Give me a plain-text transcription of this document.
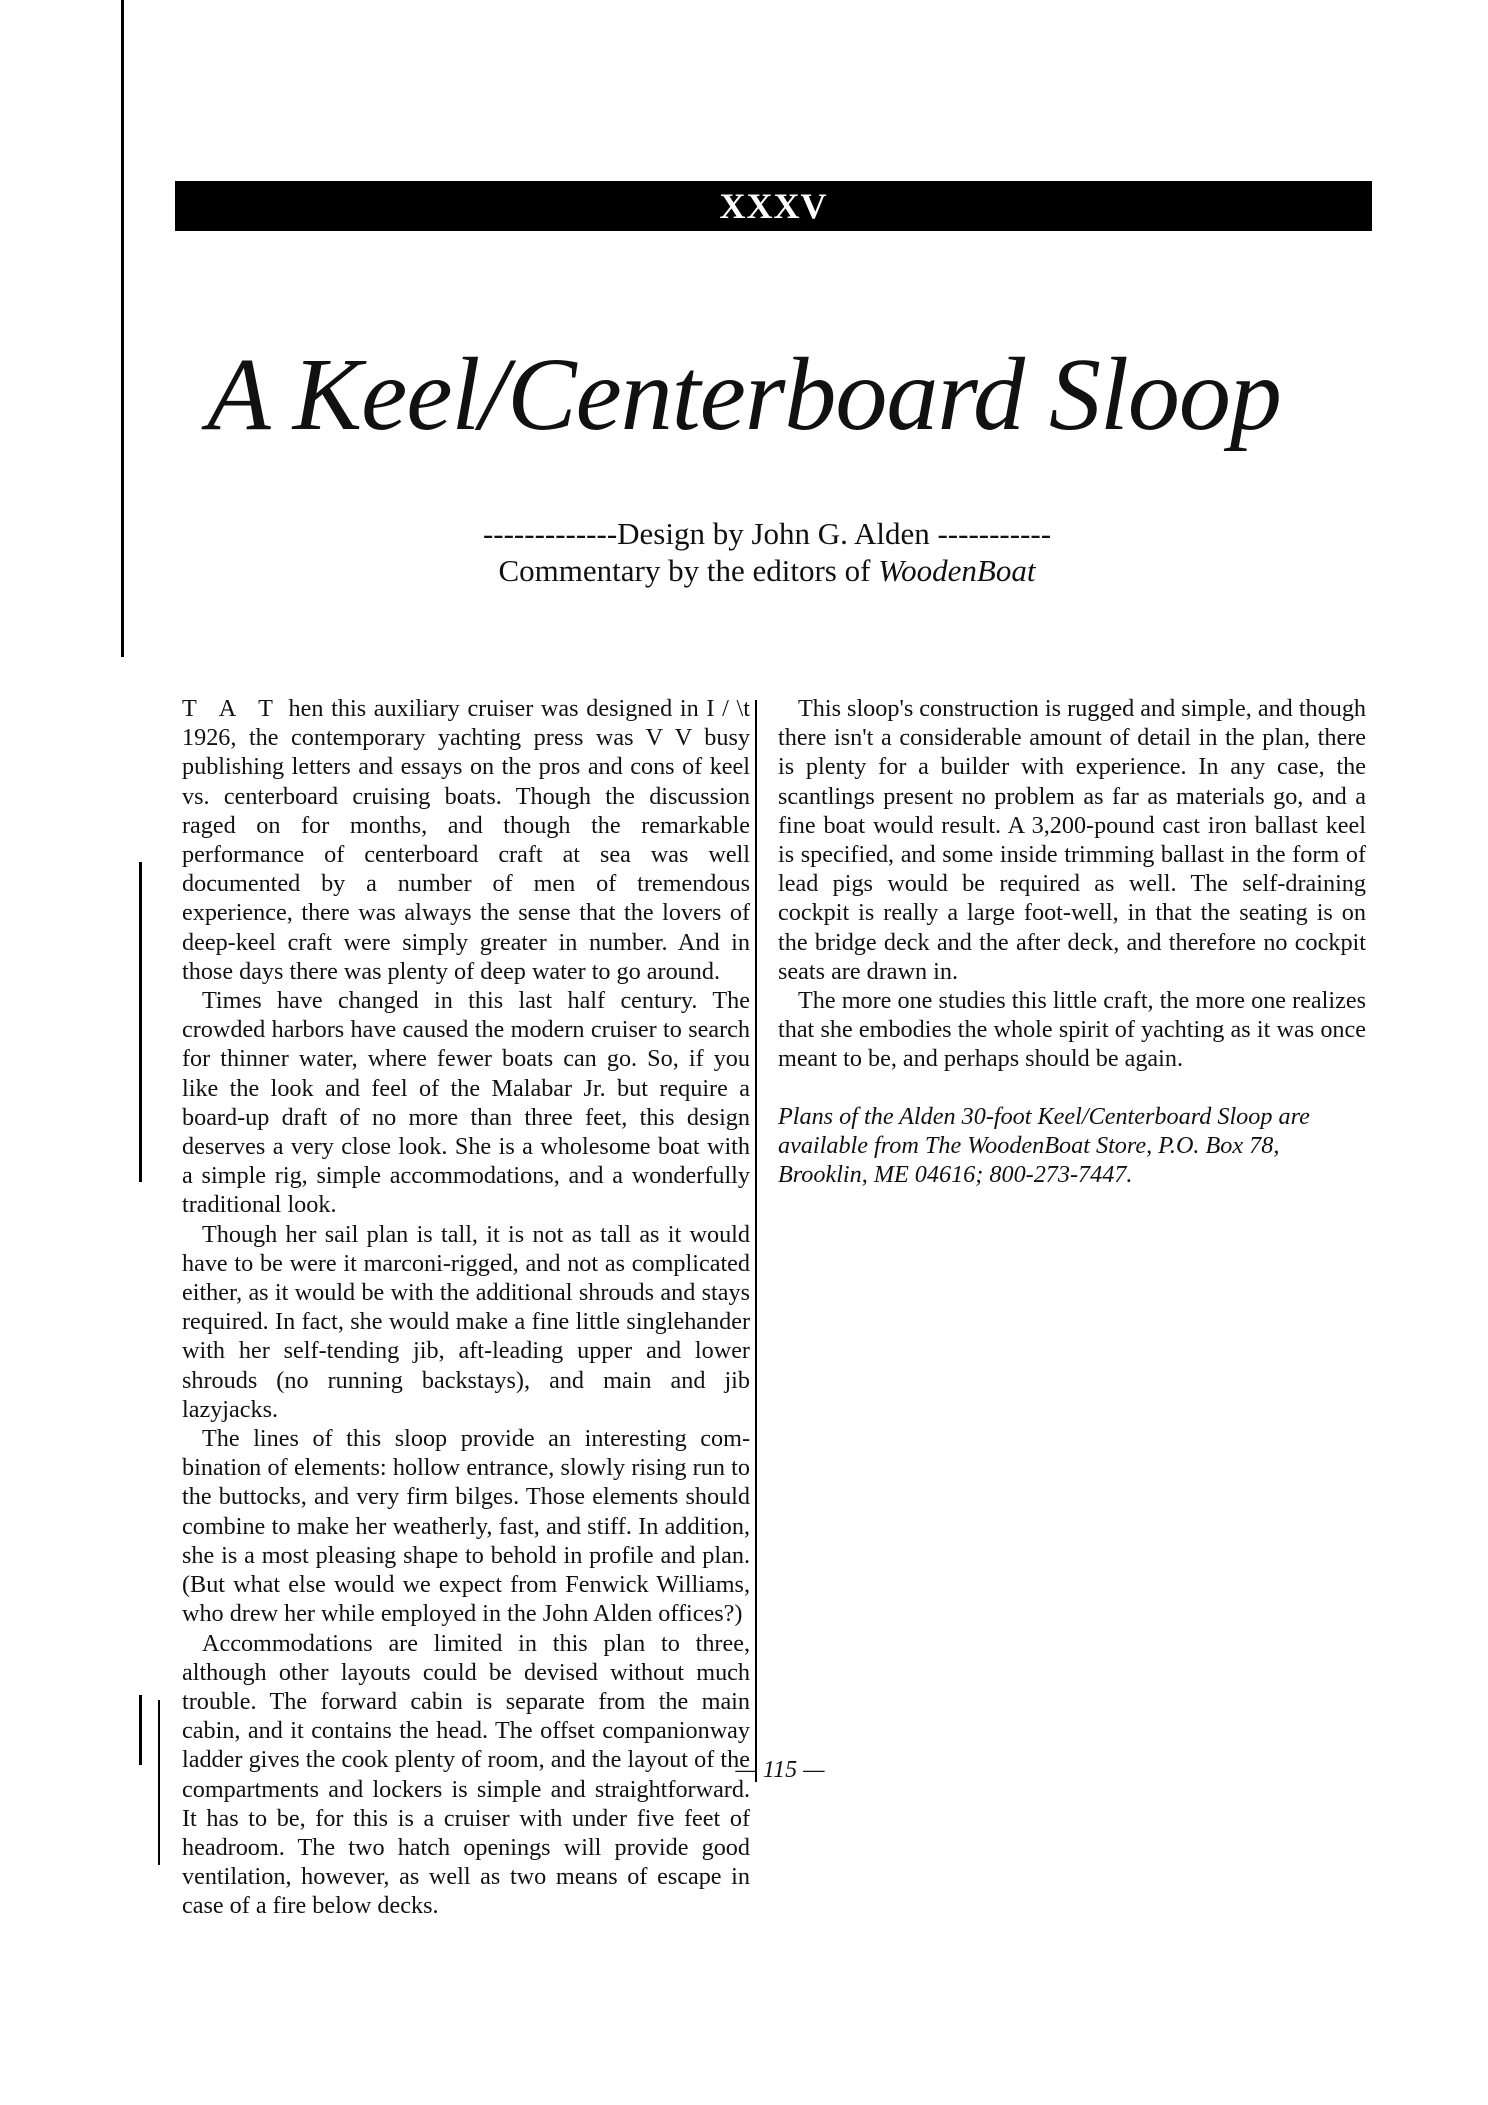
XXXV
A Keel/Centerboard Sloop
-------------Design by John G. Alden -----------
Commentary by the editors of WoodenBoat

T A T hen this auxiliary cruiser was designed in I / \t 1926, the contemporary yachting press was V V busy publishing letters and essays on the pros and cons of keel vs. centerboard cruising boats. Though the discussion raged on for months, and though the remarkable performance of centerboard craft at sea was well documented by a number of men of tremendous experience, there was always the sense that the lovers of deep-keel craft were simply greater in number. And in those days there was plenty of deep water to go around.

Times have changed in this last half century. The crowded harbors have caused the modern cruiser to search for thinner water, where fewer boats can go. So, if you like the look and feel of the Malabar Jr. but require a board-up draft of no more than three feet, this design deserves a very close look. She is a wholesome boat with a simple rig, simple accommodations, and a wonderfully traditional look.

Though her sail plan is tall, it is not as tall as it would have to be were it marconi-rigged, and not as complicated either, as it would be with the additional shrouds and stays required. In fact, she would make a fine little singlehander with her self-tending jib, aft-leading upper and lower shrouds (no running backstays), and main and jib lazyjacks.

The lines of this sloop provide an interesting combination of elements: hollow entrance, slowly rising run to the buttocks, and very firm bilges. Those elements should combine to make her weatherly, fast, and stiff. In addition, she is a most pleasing shape to behold in profile and plan. (But what else would we expect from Fenwick Williams, who drew her while employed in the John Alden offices?)

Accommodations are limited in this plan to three, although other layouts could be devised without much trouble. The forward cabin is separate from the main cabin, and it contains the head. The offset companionway ladder gives the cook plenty of room, and the layout of the compartments and lockers is simple and straightforward. It has to be, for this is a cruiser with under five feet of headroom. The two hatch openings will provide good ventilation, however, as well as two means of escape in case of a fire below decks.

This sloop's construction is rugged and simple, and though there isn't a considerable amount of detail in the plan, there is plenty for a builder with experience. In any case, the scantlings present no problem as far as materials go, and a fine boat would result. A 3,200-pound cast iron ballast keel is specified, and some inside trimming ballast in the form of lead pigs would be required as well. The self-draining cockpit is really a large foot-well, in that the seating is on the bridge deck and the after deck, and therefore no cockpit seats are drawn in.

The more one studies this little craft, the more one realizes that she embodies the whole spirit of yachting as it was once meant to be, and perhaps should be again.

Plans of the Alden 30-foot Keel/Centerboard Sloop are available from The WoodenBoat Store, P.O. Box 78, Brooklin, ME 04616; 800-273-7447.

— 115 —
